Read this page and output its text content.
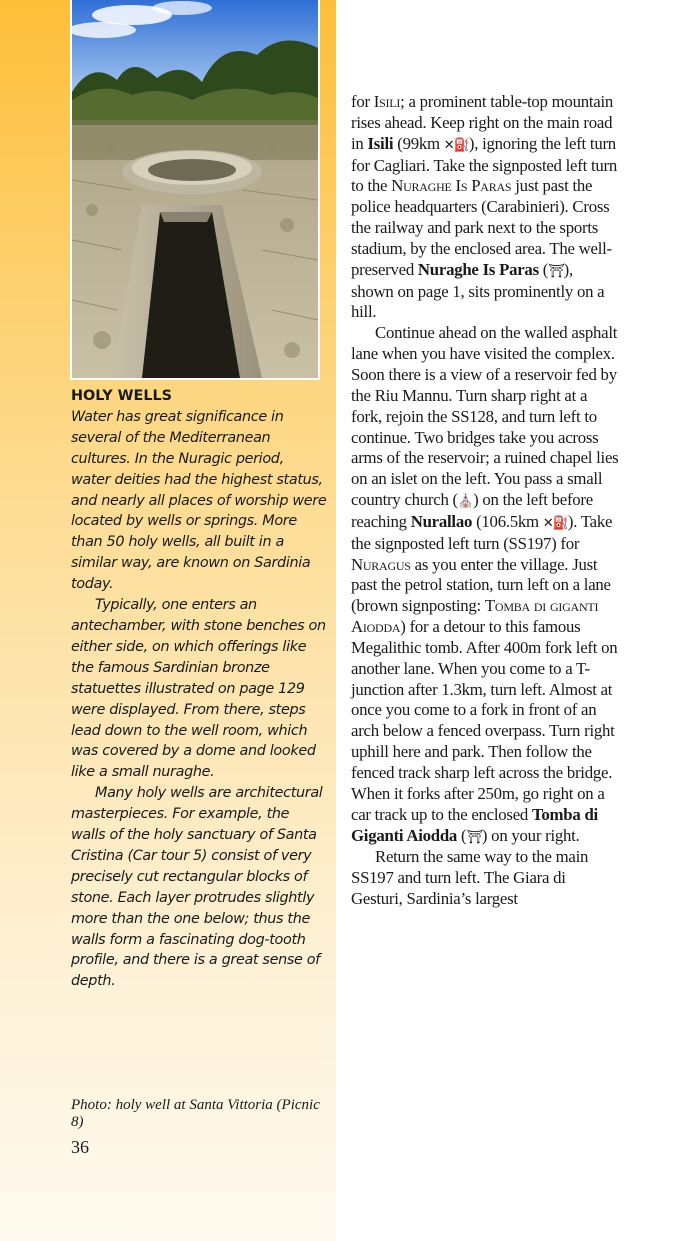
HOLY WELLS

Water has great significance in several of the Mediterranean cultures. In the Nuragic period, water deities had the highest status, and nearly all places of worship were located by wells or springs. More than 50 holy wells, all built in a similar way, are known on Sardinia today.

Typically, one enters an antechamber, with stone benches on either side, on which offerings like the famous Sardinian bronze statuettes illustrated on page 129 were displayed. From there, steps lead down to the well room, which was covered by a dome and looked like a small nuraghe.

Many holy wells are architectural masterpieces. For example, the walls of the holy sanctuary of Santa Cristina (Car tour 5) consist of very precisely cut rectangular blocks of stone. Each layer protrudes slightly more than the one below; thus the walls form a fascinating dog-tooth profile, and there is a great sense of depth.

Photo: holy well at Santa Vittoria (Picnic 8)
36

for Isili; a prominent table-top mountain rises ahead. Keep right on the main road in Isili (99km ✕⛽), ignoring the left turn for Cagliari. Take the signposted left turn to the Nuraghe Is Paras just past the police headquarters (Carabinieri). Cross the railway and park next to the sports stadium, by the enclosed area. The well-preserved Nuraghe Is Paras (⛩), shown on page 1, sits prominently on a hill.

Continue ahead on the walled asphalt lane when you have visited the complex. Soon there is a view of a reservoir fed by the Riu Mannu. Turn sharp right at a fork, rejoin the SS128, and turn left to continue. Two bridges take you across arms of the reservoir; a ruined chapel lies on an islet on the left. You pass a small country church (⛪) on the left before reaching Nurallao (106.5km ✕⛽). Take the signposted left turn (SS197) for Nuragus as you enter the village. Just past the petrol station, turn left on a lane (brown signposting: Tomba di giganti Aiodda) for a detour to this famous Megalithic tomb. After 400m fork left on another lane. When you come to a T-junction after 1.3km, turn left. Almost at once you come to a fork in front of an arch below a fenced overpass. Turn right uphill here and park. Then follow the fenced track sharp left across the bridge. When it forks after 250m, go right on a car track up to the enclosed Tomba di Giganti Aiodda (⛩) on your right.

Return the same way to the main SS197 and turn left. The Giara di Gesturi, Sardinia’s largest
